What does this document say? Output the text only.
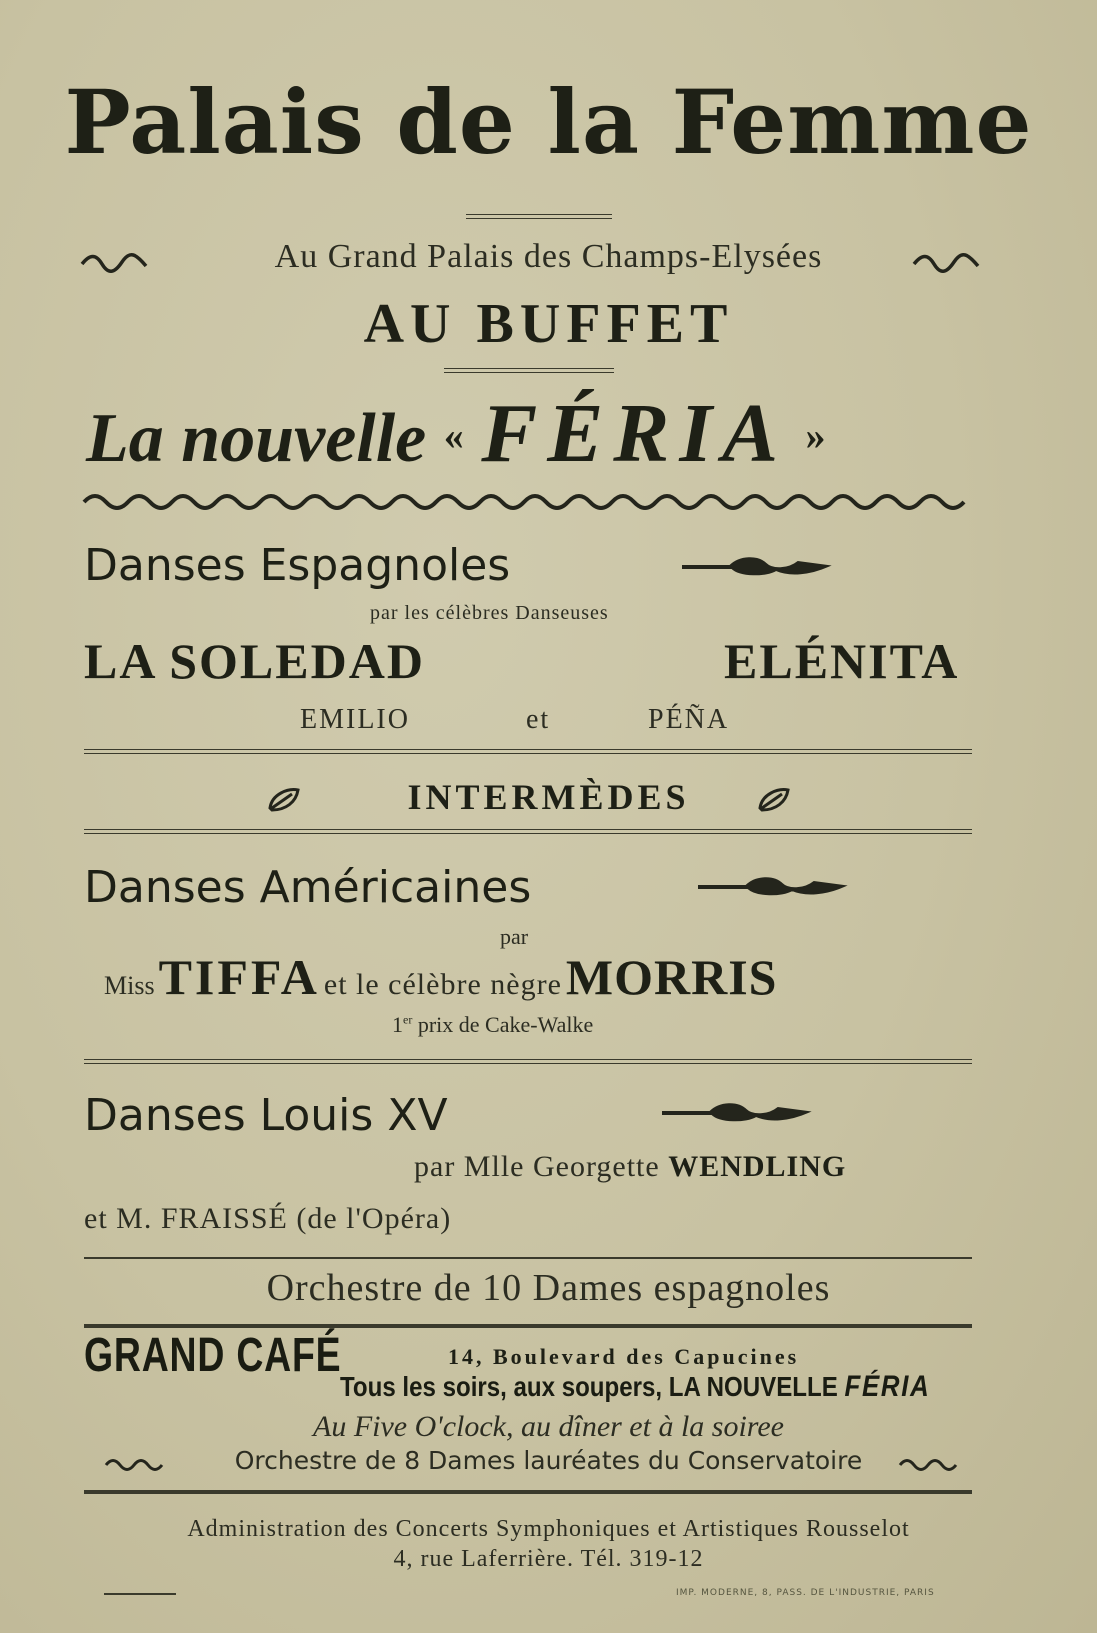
Palais de la Femme
Au Grand Palais des Champs-Elysées
AU BUFFET
La nouvelle « FÉRIA »
Danses Espagnoles
par les célèbres Danseuses
LA SOLEDAD	ELÉNITA
EMILIO	et	PÉÑA
INTERMÈDES
Danses Américaines
par
Miss TIFFA et le célèbre nègre MORRIS
1er prix de Cake-Walke
Danses Louis XV
par Mlle Georgette WENDLING
et M. FRAISSÉ (de l'Opéra)
Orchestre de 10 Dames espagnoles
GRAND CAFÉ	14, Boulevard des Capucines
Tous les soirs, aux soupers, LA NOUVELLE FÉRIA
Au Five O'clock, au dîner et à la soiree
Orchestre de 8 Dames lauréates du Conservatoire
Administration des Concerts Symphoniques et Artistiques Rousselot
4, rue Laferrière. Tél. 319-12
IMP. MODERNE, 8, PASS. DE L'INDUSTRIE, PARIS
